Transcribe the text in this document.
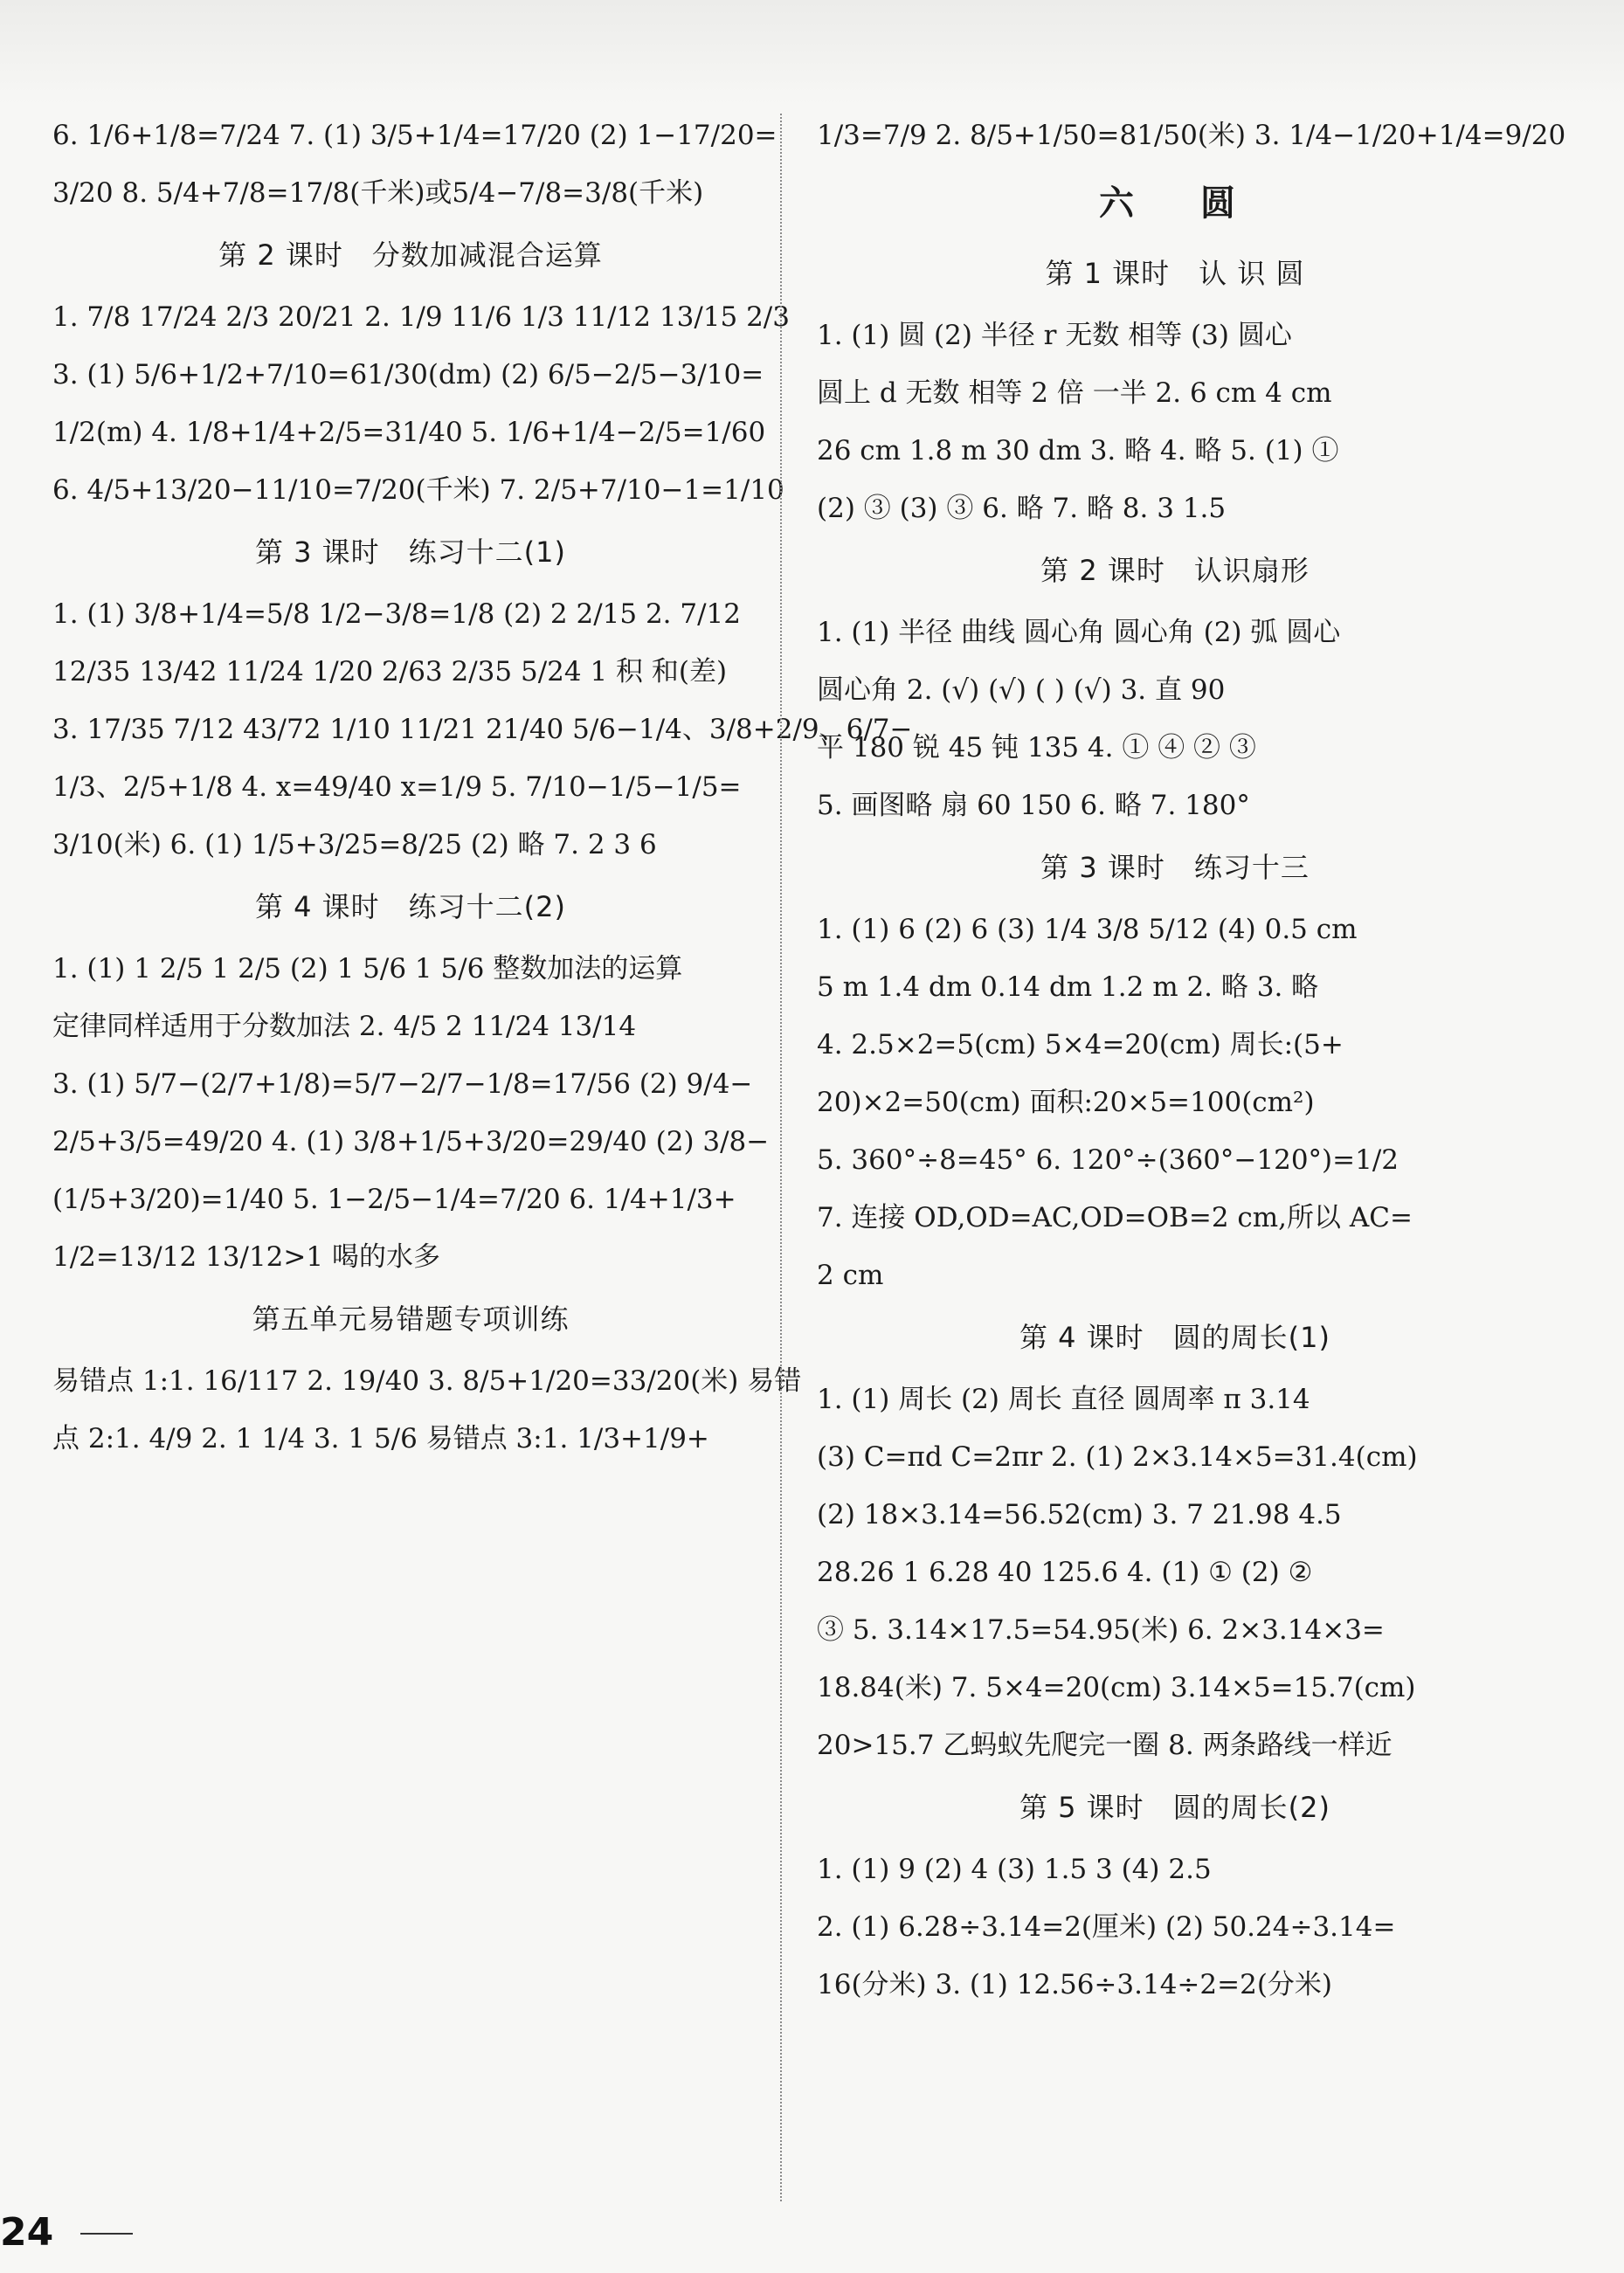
6. 1/6+1/8=7/24 7. (1) 3/5+1/4=17/20 (2) 1−17/20=
3/20 8. 5/4+7/8=17/8(千米)或5/4−7/8=3/8(千米)
第 2 课时　分数加减混合运算
1. 7/8 17/24 2/3 20/21 2. 1/9 11/6 1/3 11/12 13/15 2/3
3. (1) 5/6+1/2+7/10=61/30(dm) (2) 6/5−2/5−3/10=
1/2(m) 4. 1/8+1/4+2/5=31/40 5. 1/6+1/4−2/5=1/60
6. 4/5+13/20−11/10=7/20(千米) 7. 2/5+7/10−1=1/10
第 3 课时　练习十二(1)
1. (1) 3/8+1/4=5/8 1/2−3/8=1/8 (2) 2 2/15 2. 7/12
12/35 13/42 11/24 1/20 2/63 2/35 5/24 1 积 和(差)
3. 17/35 7/12 43/72 1/10 11/21 21/40 5/6−1/4、3/8+2/9、6/7−
1/3、2/5+1/8 4. x=49/40 x=1/9 5. 7/10−1/5−1/5=
3/10(米) 6. (1) 1/5+3/25=8/25 (2) 略 7. 2 3 6
第 4 课时　练习十二(2)
1. (1) 1 2/5 1 2/5 (2) 1 5/6 1 5/6 整数加法的运算
定律同样适用于分数加法 2. 4/5 2 11/24 13/14
3. (1) 5/7−(2/7+1/8)=5/7−2/7−1/8=17/56 (2) 9/4−
2/5+3/5=49/20 4. (1) 3/8+1/5+3/20=29/40 (2) 3/8−
(1/5+3/20)=1/40 5. 1−2/5−1/4=7/20 6. 1/4+1/3+
1/2=13/12 13/12>1 喝的水多
第五单元易错题专项训练
易错点 1:1. 16/117 2. 19/40 3. 8/5+1/20=33/20(米) 易错
点 2:1. 4/9 2. 1 1/4 3. 1 5/6 易错点 3:1. 1/3+1/9+
1/3=7/9 2. 8/5+1/50=81/50(米) 3. 1/4−1/20+1/4=9/20
六　圆
第 1 课时　认 识 圆
1. (1) 圆 (2) 半径 r 无数 相等 (3) 圆心
圆上 d 无数 相等 2 倍 一半 2. 6 cm 4 cm
26 cm 1.8 m 30 dm 3. 略 4. 略 5. (1) ①
(2) ③ (3) ③ 6. 略 7. 略 8. 3 1.5
第 2 课时　认识扇形
1. (1) 半径 曲线 圆心角 圆心角 (2) 弧 圆心
圆心角 2. (√) (√) ( ) (√) 3. 直 90
平 180 锐 45 钝 135 4. ① ④ ② ③
5. 画图略 扇 60 150 6. 略 7. 180°
第 3 课时　练习十三
1. (1) 6 (2) 6 (3) 1/4 3/8 5/12 (4) 0.5 cm
5 m 1.4 dm 0.14 dm 1.2 m 2. 略 3. 略
4. 2.5×2=5(cm) 5×4=20(cm) 周长:(5+
20)×2=50(cm) 面积:20×5=100(cm²)
5. 360°÷8=45° 6. 120°÷(360°−120°)=1/2
7. 连接 OD,OD=AC,OD=OB=2 cm,所以 AC=
2 cm
第 4 课时　圆的周长(1)
1. (1) 周长 (2) 周长 直径 圆周率 π 3.14
(3) C=πd C=2πr 2. (1) 2×3.14×5=31.4(cm)
(2) 18×3.14=56.52(cm) 3. 7 21.98 4.5
28.26 1 6.28 40 125.6 4. (1) ① (2) ②
③ 5. 3.14×17.5=54.95(米) 6. 2×3.14×3=
18.84(米) 7. 5×4=20(cm) 3.14×5=15.7(cm)
20>15.7 乙蚂蚁先爬完一圈 8. 两条路线一样近
第 5 课时　圆的周长(2)
1. (1) 9 (2) 4 (3) 1.5 3 (4) 2.5
2. (1) 6.28÷3.14=2(厘米) (2) 50.24÷3.14=
16(分米) 3. (1) 12.56÷3.14÷2=2(分米)
24
